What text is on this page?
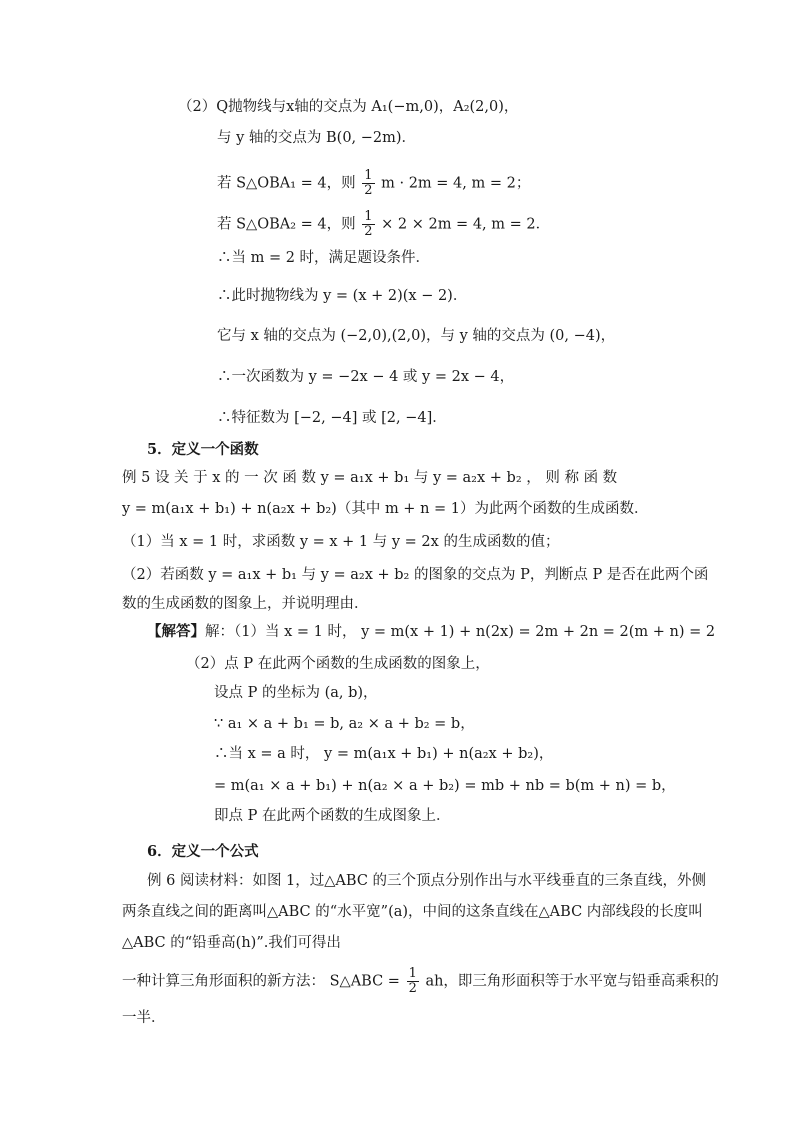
（2）Q抛物线与x轴的交点为 A₁(−m,0)，A₂(2,0)，
与 y 轴的交点为 B(0, −2m)．
若 S△OBA₁ = 4，则 $\frac{1}{2}$ m · 2m = 4, m = 2；
若 S△OBA₂ = 4，则 $\frac{1}{2} \times 2 \times 2m = 4$, m = 2．
∴当 m = 2 时，满足题设条件．
∴此时抛物线为 y = (x + 2)(x − 2)．
它与 x 轴的交点为 (−2,0),(2,0)，与 y 轴的交点为 (0, −4)，
∴一次函数为 y = −2x − 4 或 y = 2x − 4，
∴特征数为 [−2, −4] 或 [2, −4]．
5．定义一个函数
例 5 设 关 于 x 的 一 次 函 数 y = a₁x + b₁ 与 y = a₂x + b₂ ， 则 称 函 数
y = m(a₁x + b₁) + n(a₂x + b₂)（其中 m + n = 1）为此两个函数的生成函数．
（1）当 x = 1 时，求函数 y = x + 1 与 y = 2x 的生成函数的值；
（2）若函数 y = a₁x + b₁ 与 y = a₂x + b₂ 的图象的交点为 P，判断点 P 是否在此两个函
数的生成函数的图象上，并说明理由．
【解答】解：（1）当 x = 1 时， y = m(x + 1) + n(2x) = 2m + 2n = 2(m + n) = 2
（2）点 P 在此两个函数的生成函数的图象上，
设点 P 的坐标为 (a, b)，
∵ a₁ × a + b₁ = b, a₂ × a + b₂ = b，
∴当 x = a 时， y = m(a₁x + b₁) + n(a₂x + b₂)，
= m(a₁ × a + b₁) + n(a₂ × a + b₂) = mb + nb = b(m + n) = b，
即点 P 在此两个函数的生成图象上．
6．定义一个公式
例 6 阅读材料：如图 1，过△ABC 的三个顶点分别作出与水平线垂直的三条直线，外侧
两条直线之间的距离叫△ABC 的“水平宽”(a)，中间的这条直线在△ABC 内部线段的长度叫
△ABC 的“铅垂高(h)”.我们可得出
一种计算三角形面积的新方法： S△ABC = $\frac{1}{2}$ ah，即三角形面积等于水平宽与铅垂高乘积的
一半．
